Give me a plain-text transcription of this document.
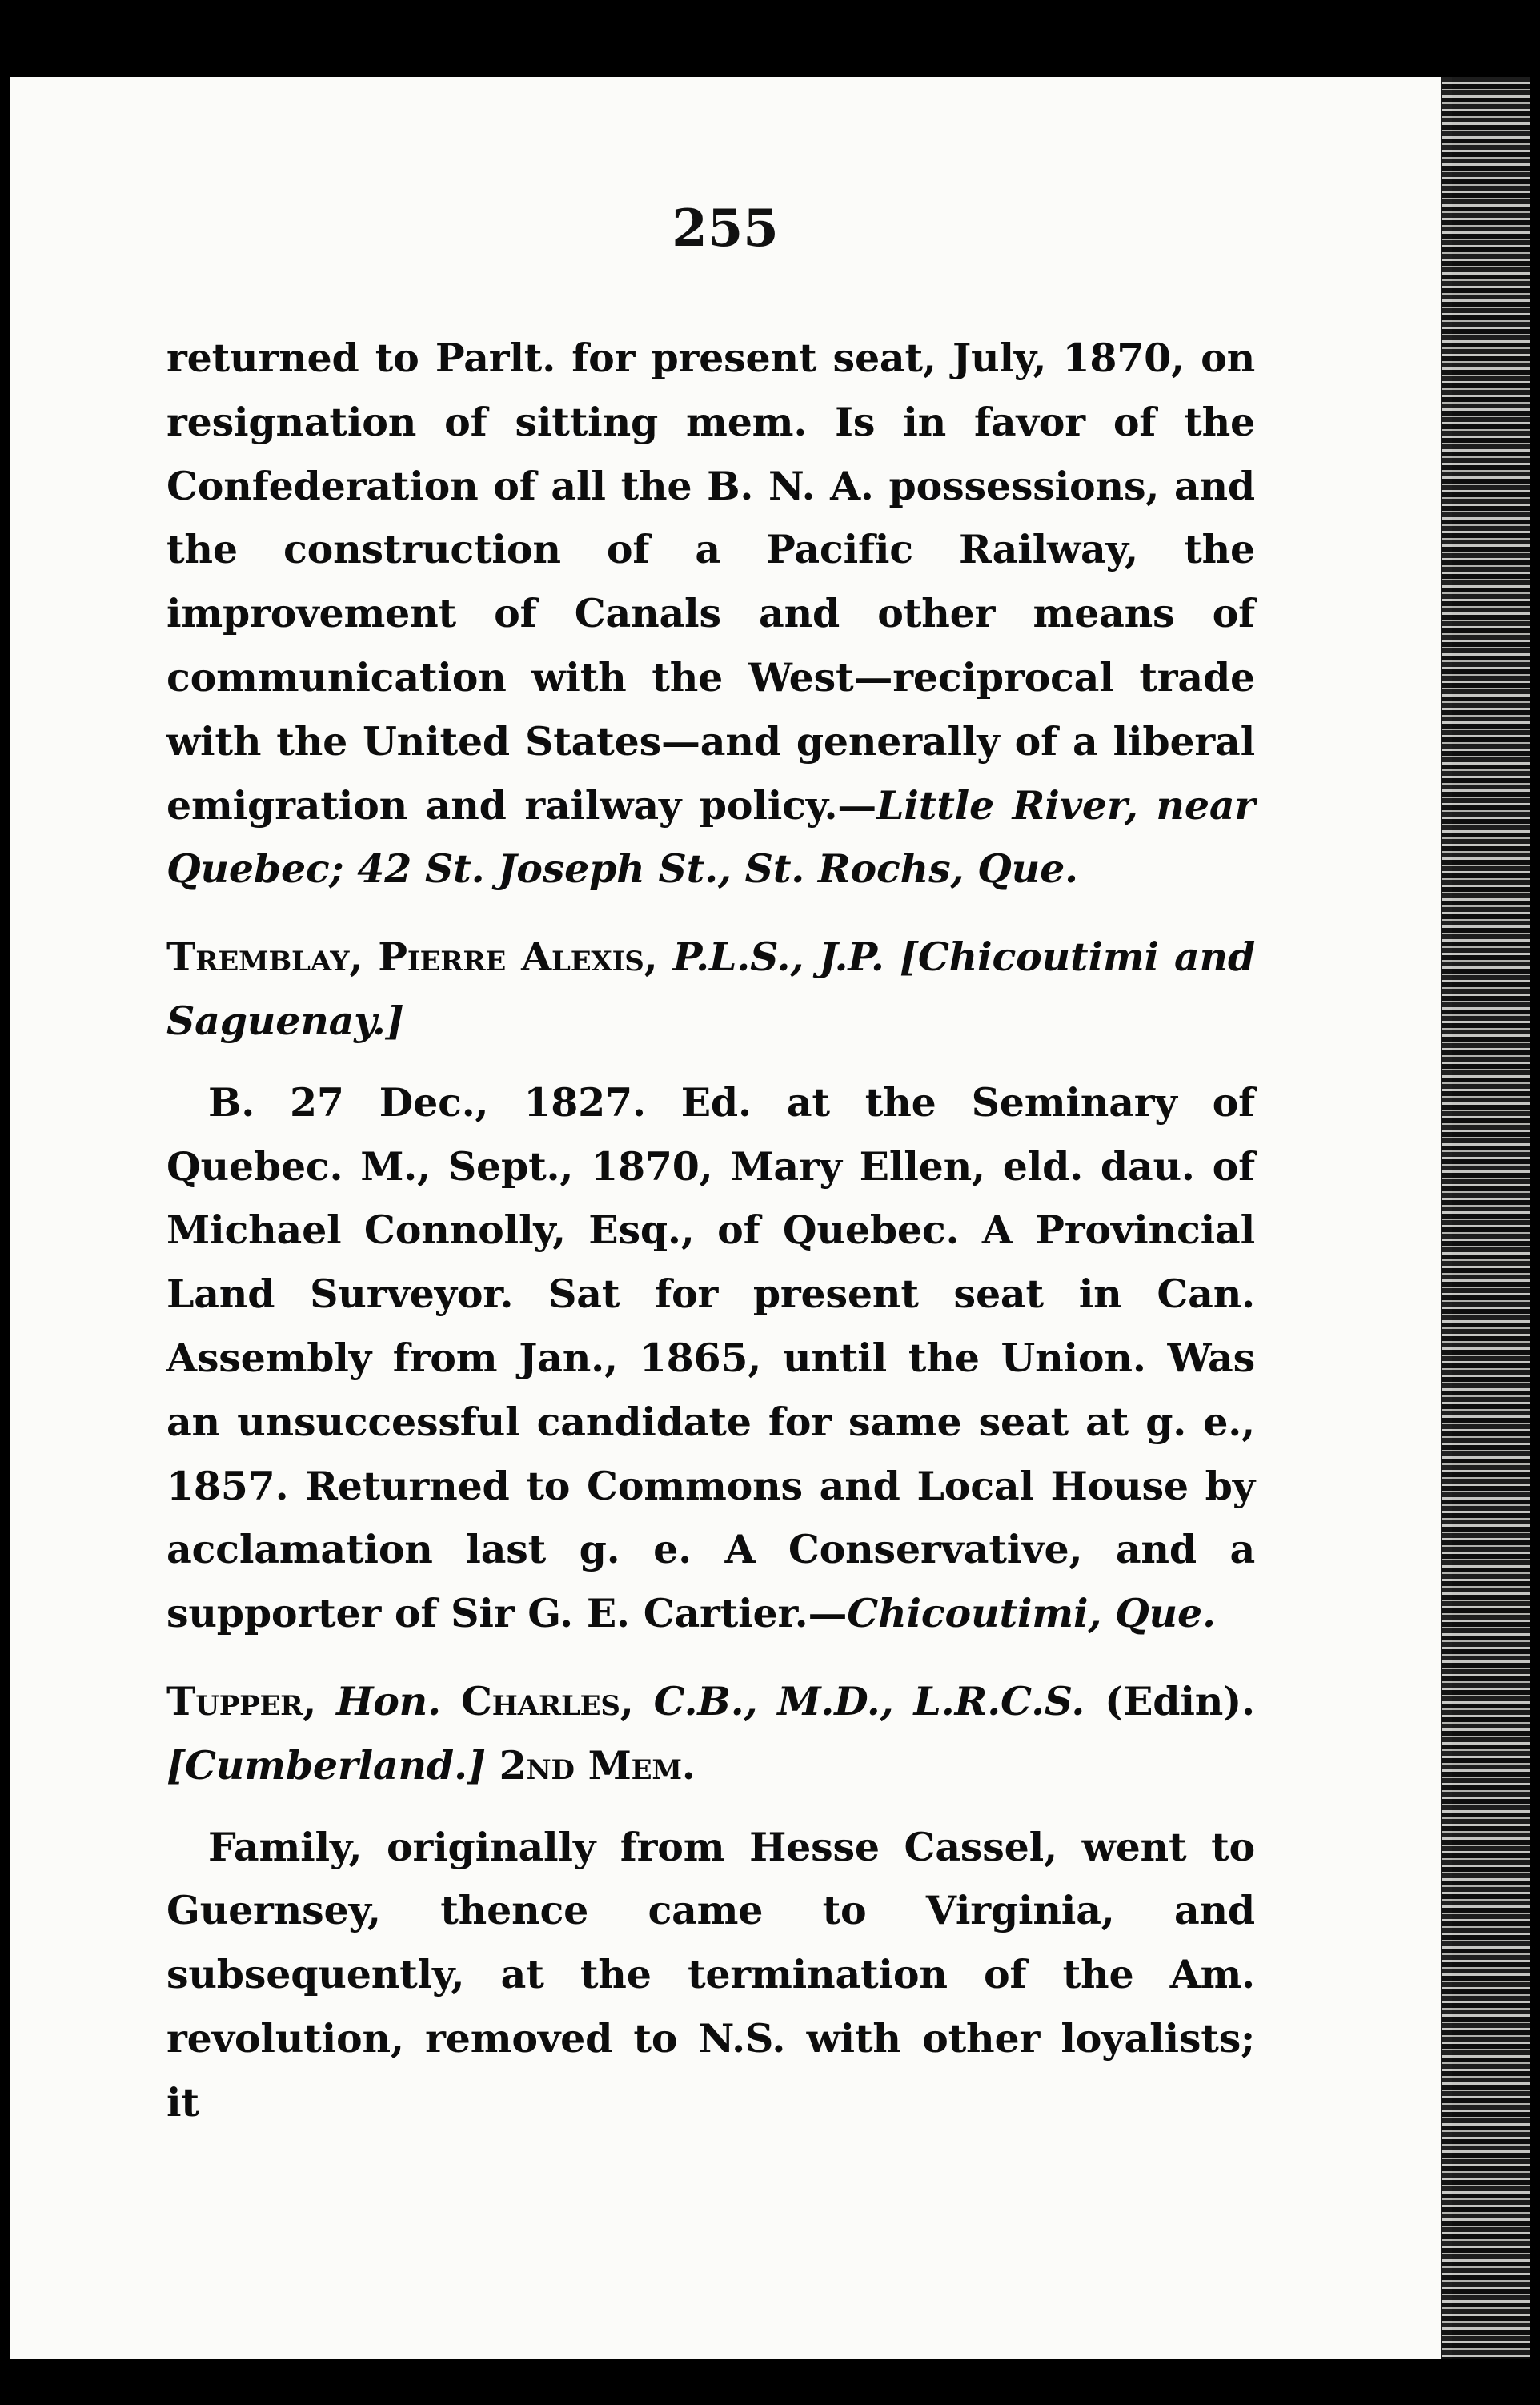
255

returned to Parlt. for present seat, July, 1870, on resignation of sitting mem. Is in favor of the Confederation of all the B. N. A. possessions, and the construction of a Pacific Railway, the improvement of Canals and other means of communication with the West—reciprocal trade with the United States—and generally of a liberal emigration and railway policy.—Little River, near Quebec; 42 St. Joseph St., St. Rochs, Que.

Tremblay, Pierre Alexis, P.L.S., J.P. [Chicoutimi and Saguenay.]

B. 27 Dec., 1827. Ed. at the Seminary of Quebec. M., Sept., 1870, Mary Ellen, eld. dau. of Michael Connolly, Esq., of Quebec. A Provincial Land Surveyor. Sat for present seat in Can. Assembly from Jan., 1865, until the Union. Was an unsuccessful candidate for same seat at g. e., 1857. Returned to Commons and Local House by acclamation last g. e. A Conservative, and a supporter of Sir G. E. Cartier.—Chicoutimi, Que.

Tupper, Hon. Charles, C.B., M.D., L.R.C.S. (Edin). [Cumberland.] 2nd Mem.

Family, originally from Hesse Cassel, went to Guernsey, thence came to Virginia, and subsequently, at the termination of the Am. revolution, removed to N.S. with other loyalists; it
